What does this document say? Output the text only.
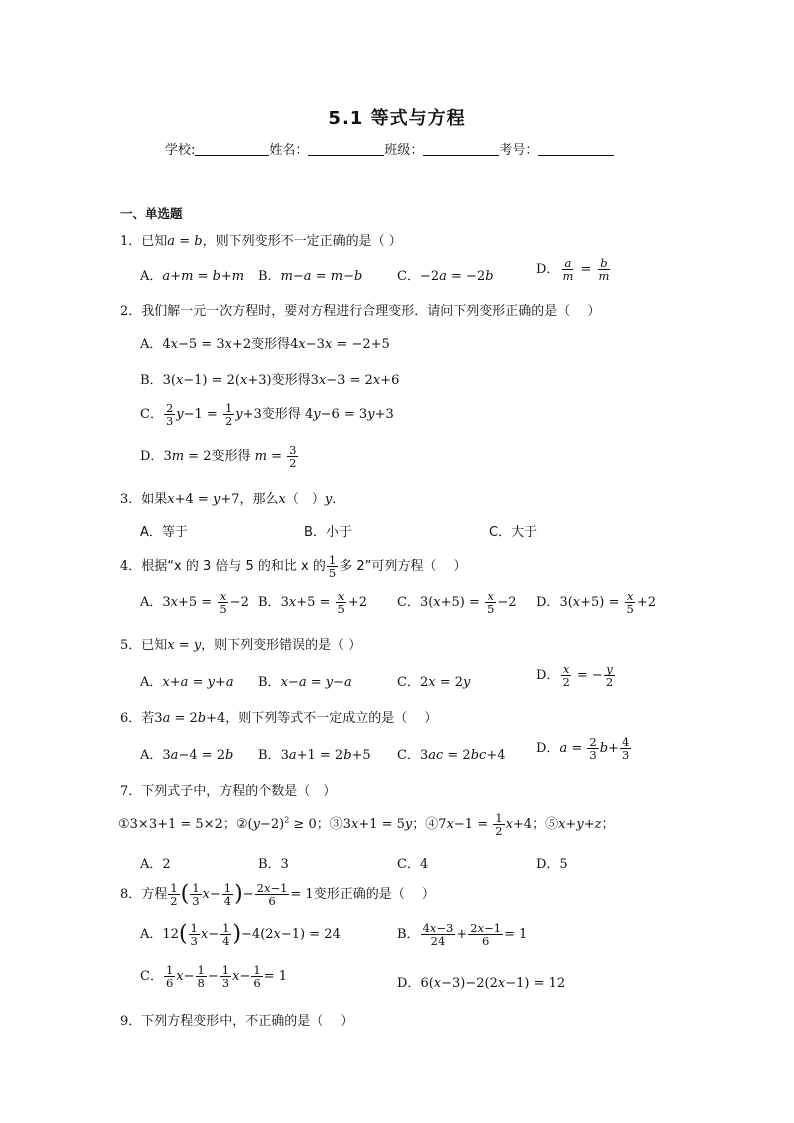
5.1 等式与方程
学校:	姓名：	班级：	考号：
一、单选题
1．已知a = b，则下列变形不一定正确的是（ ）
A．a+m = b+m B．m−a = m−b	C．−2a = −2b	D． $\frac{a}{m} = \frac{b}{m}$
2．我们解一元一次方程时，要对方程进行合理变形．请问下列变形正确的是（　 ）
A．4x−5 = 3x+2变形得4x−3x = −2+5
B．3(x−1) = 2(x+3)变形得3x−3 = 2x+6
C． $\frac{2}{3} y-1 = \frac{1}{2} y+3$变形得 4y−6 = 3y+3
D．3m = 2变形得 $m = \frac{3}{2}$
3．如果x+4 = y+7，那么x（　）y．
A．等于	B．小于	C．大于
4．根据“x 的 3 倍与 5 的和比 x 的 $\frac{1}{5}$ 多 2”可列方程（　 ）
A．$3x+5 = \frac{x}{5} -2$ B．$3x+5 = \frac{x}{5} +2$ C．$3(x+5) = \frac{x}{5} -2$ D．$3(x+5) = \frac{x}{5} +2$
5．已知x = y，则下列变形错误的是（ ）
A．x+a = y+a B．x−a = y−a	C．2x = 2y	D． $\frac{x}{2}$ = − $\frac{y}{2}$
6．若3a = 2b+4，则下列等式不一定成立的是（　 ）
A．3a−4 = 2b B．3a+1 = 2b+5 C．3ac = 2bc+4 D．$a = \frac{2}{3} b+ \frac{4}{3}$
7．下列式子中，方程的个数是（　）
①3×3+1 = 5×2；$②(y-2)^2 \ge 0$；③3x+1 = 5y；④7x−1 = $\frac{1}{2} x+4$；⑤x+y+z；
A．2	B．3	C．4	D．5
8．方程 $\frac{1}{2}$ ( $\frac{1}{3} x- \frac{1}{4}$ )− $\frac{2x-1}{6} = 1$变形正确的是（　 ）
A．$12( \frac{1}{3} x- \frac{1}{4} )-4(2x-1) = 24$	B． $\frac{4x-3}{24} + \frac{2x-1}{6} = 1$
C． $\frac{1}{6} x- \frac{1}{8} - \frac{1}{3} x- \frac{1}{6} = 1$	D．6(x−3)−2(2x−1) = 12
9．下列方程变形中，不正确的是（　 ）
